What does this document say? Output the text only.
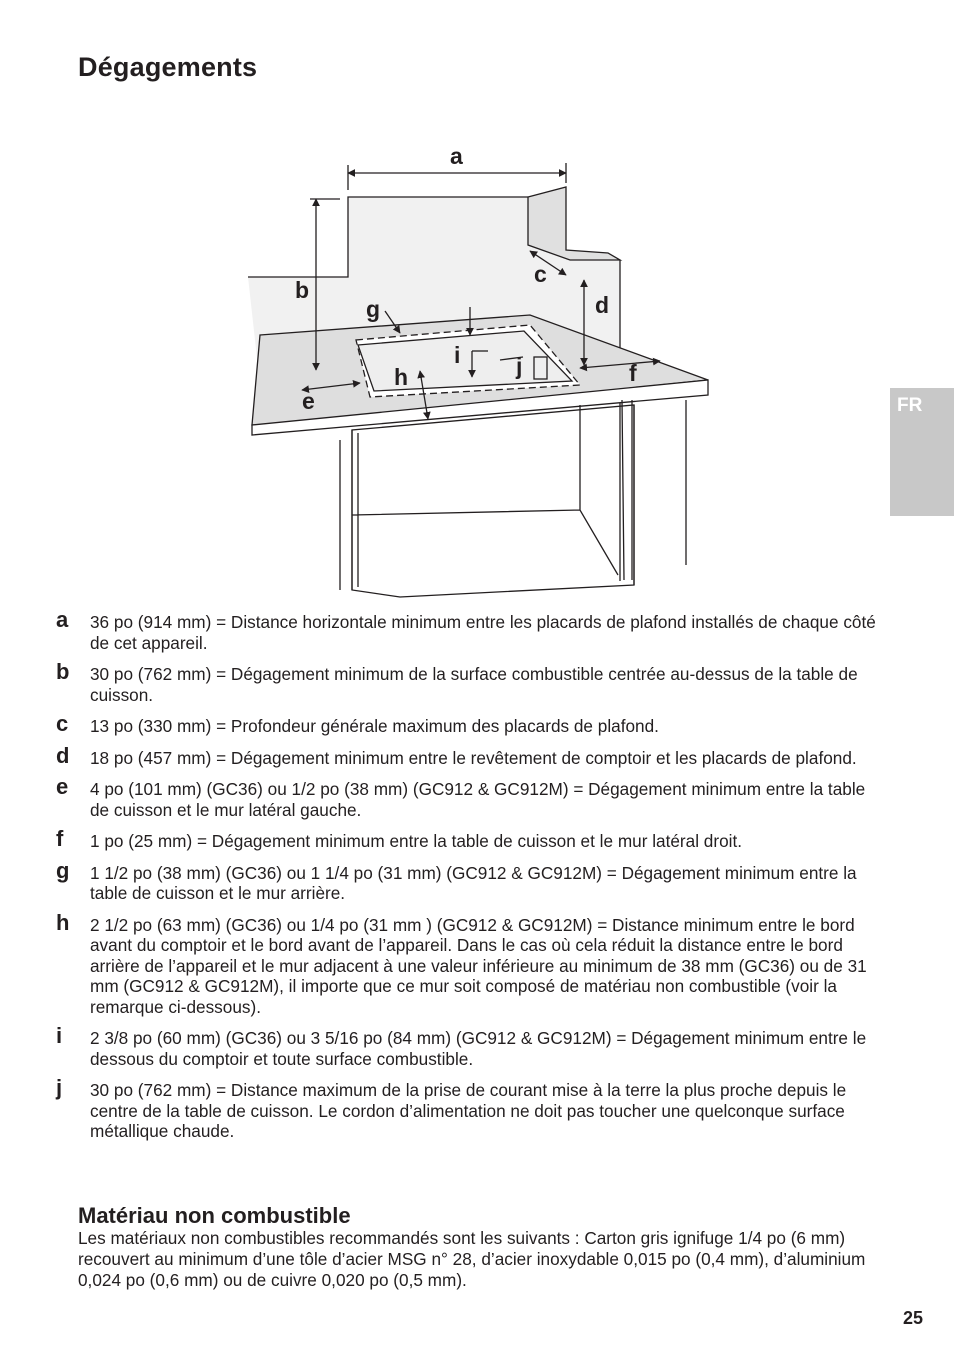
Dégagements
a
b
c
d
e
f
g
h
i j
FR
a 36 po (914 mm) = Distance horizontale minimum entre les placards de plafond installés de chaque côté de cet appareil.
b 30 po (762 mm) = Dégagement minimum de la surface combustible centrée au-dessus de la table de cuisson.
c 13 po (330 mm) = Profondeur générale maximum des placards de plafond.
d 18 po (457 mm) = Dégagement minimum entre le revêtement de comptoir et les placards de plafond.
e 4 po (101 mm) (GC36) ou 1/2 po (38 mm) (GC912 & GC912M) = Dégagement minimum entre la table de cuisson et le mur latéral gauche.
f 1 po (25 mm) = Dégagement minimum entre la table de cuisson et le mur latéral droit.
g 1 1/2 po (38 mm) (GC36) ou 1 1/4 po (31 mm) (GC912 & GC912M) = Dégagement minimum entre la table de cuisson et le mur arrière.
h 2 1/2 po (63 mm) (GC36) ou 1/4 po (31 mm ) (GC912 & GC912M) = Distance minimum entre le bord avant du comptoir et le bord avant de l’appareil. Dans le cas où cela réduit la distance entre le bord arrière de l’appareil et le mur adjacent à une valeur inférieure au minimum de 38 mm (GC36) ou de 31 mm (GC912 & GC912M), il importe que ce mur soit composé de matériau non combustible (voir la remarque ci-dessous).
i 2 3/8 po (60 mm) (GC36) ou 3 5/16 po (84 mm) (GC912 & GC912M) = Dégagement minimum entre le dessous du comptoir et toute surface combustible.
j 30 po (762 mm) = Distance maximum de la prise de courant mise à la terre la plus proche depuis le centre de la table de cuisson. Le cordon d’alimentation ne doit pas toucher une quelconque surface métallique chaude.
Matériau non combustible
Les matériaux non combustibles recommandés sont les suivants : Carton gris ignifuge 1/4 po (6 mm) recouvert au minimum d’une tôle d’acier MSG n° 28, d’acier inoxydable 0,015 po (0,4 mm), d’aluminium 0,024 po (0,6 mm) ou de cuivre 0,020 po (0,5 mm).
25
